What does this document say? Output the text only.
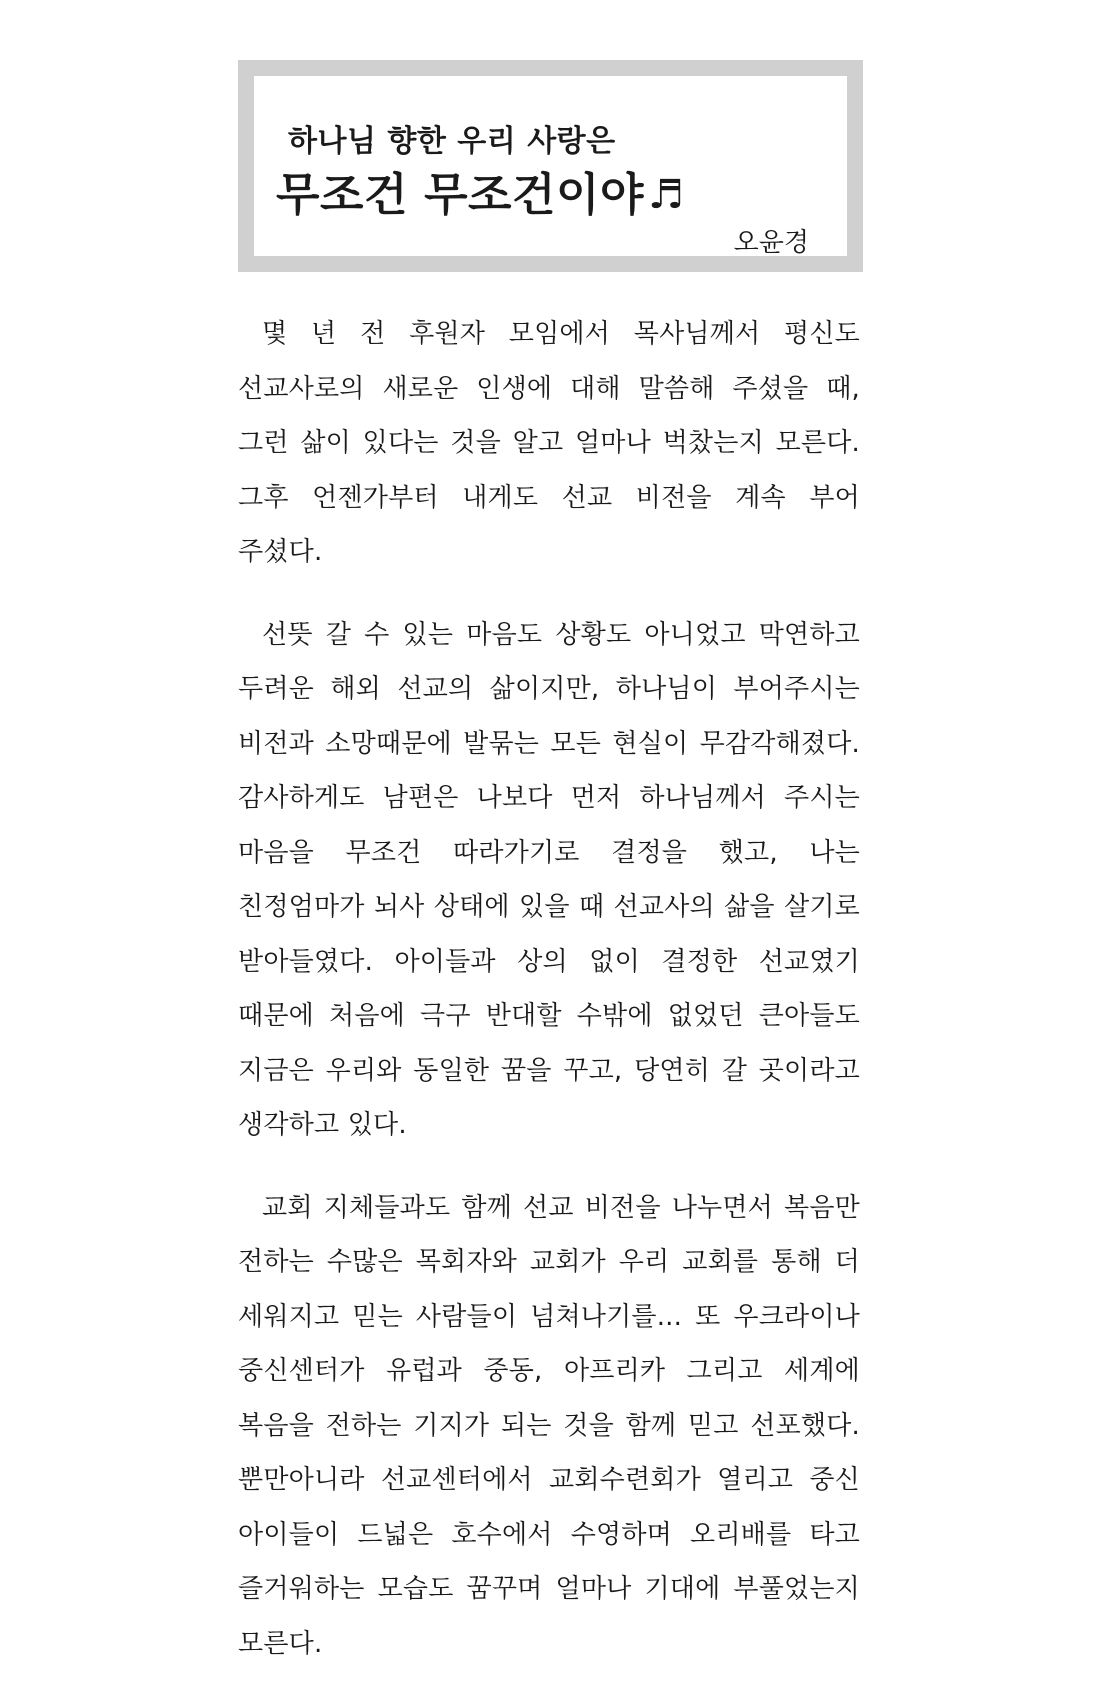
하나님 향한 우리 사랑은
무조건 무조건이야 ♬
오윤경

몇 년 전 후원자 모임에서 목사님께서 평신도 선교사로의 새로운 인생에 대해 말씀해 주셨을 때, 그런 삶이 있다는 것을 알고 얼마나 벅찼는지 모른다. 그후 언젠가부터 내게도 선교 비전을 계속 부어 주셨다.

선뜻 갈 수 있는 마음도 상황도 아니었고 막연하고 두려운 해외 선교의 삶이지만, 하나님이 부어주시는 비전과 소망때문에 발묶는 모든 현실이 무감각해졌다. 감사하게도 남편은 나보다 먼저 하나님께서 주시는 마음을 무조건 따라가기로 결정을 했고, 나는 친정엄마가 뇌사 상태에 있을 때 선교사의 삶을 살기로 받아들였다. 아이들과 상의 없이 결정한 선교였기 때문에 처음에 극구 반대할 수밖에 없었던 큰아들도 지금은 우리와 동일한 꿈을 꾸고, 당연히 갈 곳이라고 생각하고 있다.

교회 지체들과도 함께 선교 비전을 나누면서 복음만 전하는 수많은 목회자와 교회가 우리 교회를 통해 더 세워지고 믿는 사람들이 넘쳐나기를... 또 우크라이나 중신센터가 유럽과 중동, 아프리카 그리고 세계에 복음을 전하는 기지가 되는 것을 함께 믿고 선포했다. 뿐만아니라 선교센터에서 교회수련회가 열리고 중신 아이들이 드넓은 호수에서 수영하며 오리배를 타고 즐거워하는 모습도 꿈꾸며 얼마나 기대에 부풀었는지 모른다.
